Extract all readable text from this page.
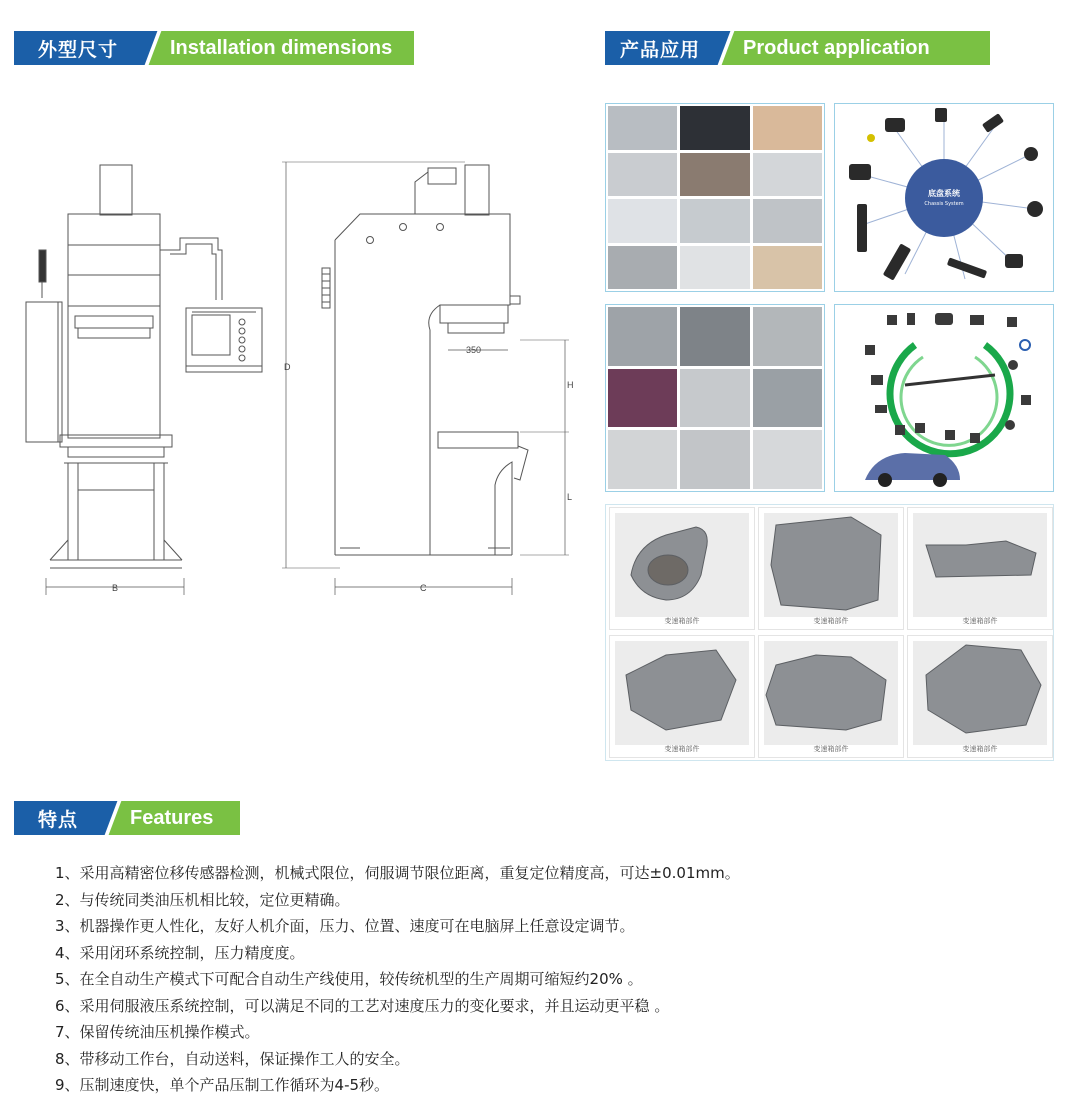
外型尺寸	Installation dimensions	产品应用	Product application
B	C
D
350
H
L
底盘系统
Chassis System
变速箱部件	变速箱部件	变速箱部件
变速箱部件	变速箱部件	变速箱部件
特点	Features
1、采用高精密位移传感器检测，机械式限位，伺服调节限位距离，重复定位精度高，可达±0.01mm。
2、与传统同类油压机相比较，定位更精确。
3、机器操作更人性化，友好人机介面，压力、位置、速度可在电脑屏上任意设定调节。
4、采用闭环系统控制，压力精度度。
5、在全自动生产模式下可配合自动生产线使用，较传统机型的生产周期可缩短约20% 。
6、采用伺服液压系统控制，可以满足不同的工艺对速度压力的变化要求，并且运动更平稳 。
7、保留传统油压机操作模式。
8、带移动工作台，自动送料，保证操作工人的安全。
9、压制速度快，单个产品压制工作循环为4-5秒。
